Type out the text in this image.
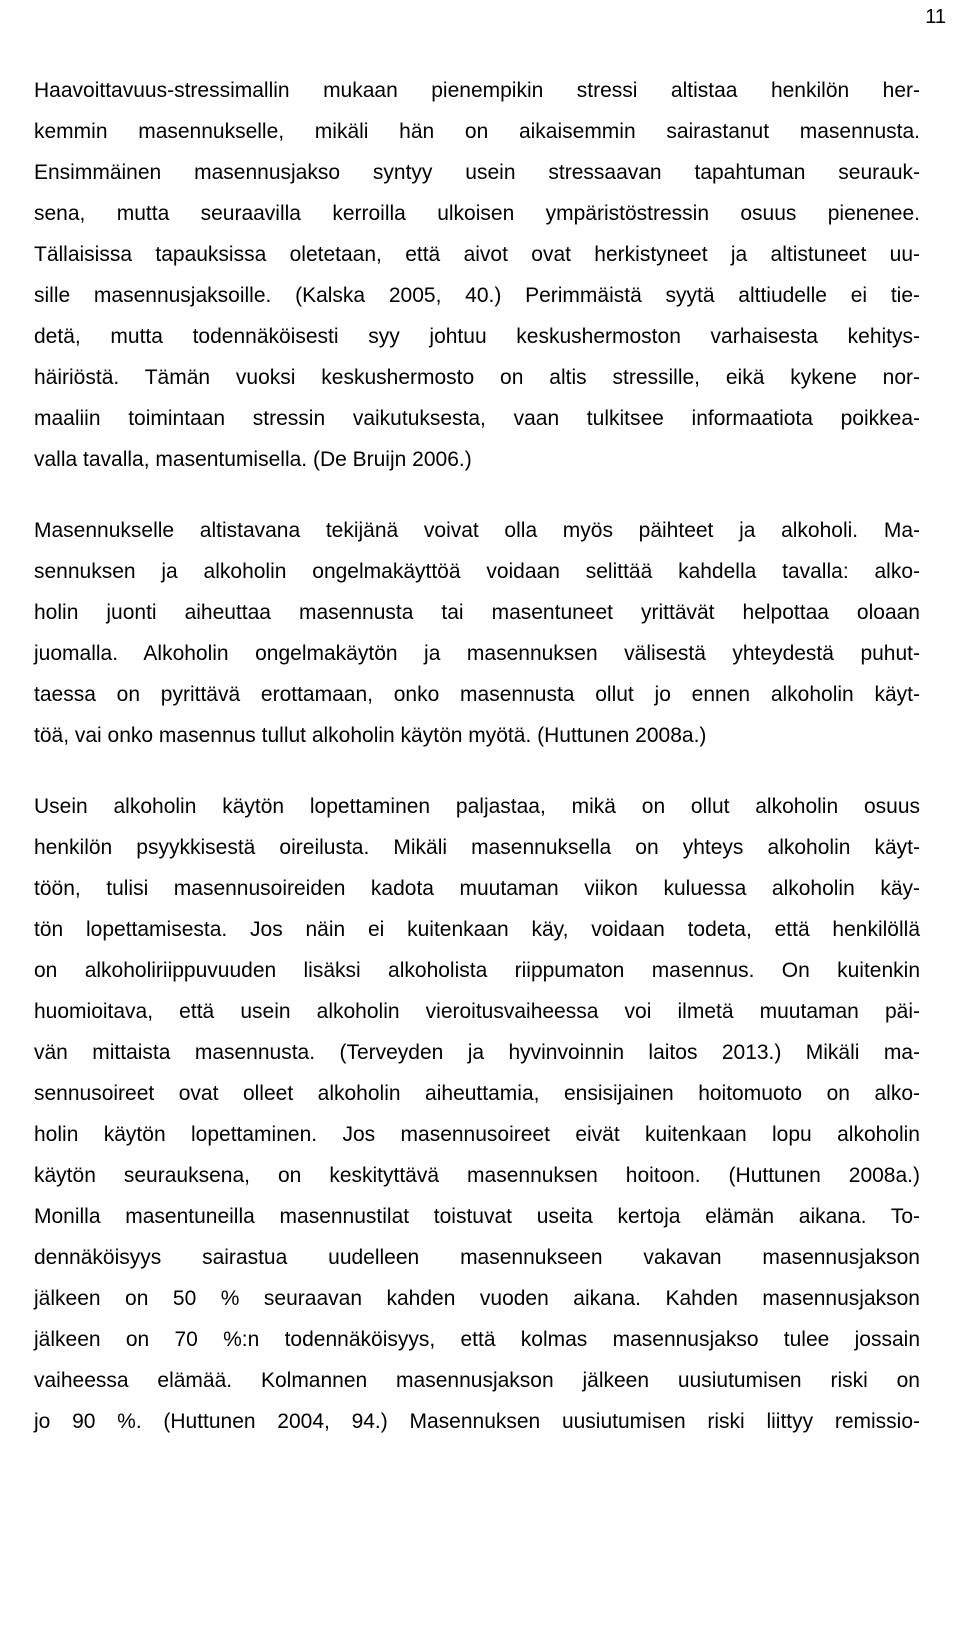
11

Haavoittavuus-stressimallin mukaan pienempikin stressi altistaa henkilön her-
kemmin masennukselle, mikäli hän on aikaisemmin sairastanut masennusta.
Ensimmäinen masennusjakso syntyy usein stressaavan tapahtuman seurauk-
sena, mutta seuraavilla kerroilla ulkoisen ympäristöstressin osuus pienenee.
Tällaisissa tapauksissa oletetaan, että aivot ovat herkistyneet ja altistuneet uu-
sille masennusjaksoille. (Kalska 2005, 40.) Perimmäistä syytä alttiudelle ei tie-
detä, mutta todennäköisesti syy johtuu keskushermoston varhaisesta kehitys-
häiriöstä. Tämän vuoksi keskushermosto on altis stressille, eikä kykene nor-
maaliin toimintaan stressin vaikutuksesta, vaan tulkitsee informaatiota poikkea-
valla tavalla, masentumisella. (De Bruijn 2006.)

Masennukselle altistavana tekijänä voivat olla myös päihteet ja alkoholi. Ma-
sennuksen ja alkoholin ongelmakäyttöä voidaan selittää kahdella tavalla: alko-
holin juonti aiheuttaa masennusta tai masentuneet yrittävät helpottaa oloaan
juomalla. Alkoholin ongelmakäytön ja masennuksen välisestä yhteydestä puhut-
taessa on pyrittävä erottamaan, onko masennusta ollut jo ennen alkoholin käyt-
töä, vai onko masennus tullut alkoholin käytön myötä. (Huttunen 2008a.)

Usein alkoholin käytön lopettaminen paljastaa, mikä on ollut alkoholin osuus
henkilön psyykkisestä oireilusta. Mikäli masennuksella on yhteys alkoholin käyt-
töön, tulisi masennusoireiden kadota muutaman viikon kuluessa alkoholin käy-
tön lopettamisesta. Jos näin ei kuitenkaan käy, voidaan todeta, että henkilöllä
on alkoholiriippuvuuden lisäksi alkoholista riippumaton masennus. On kuitenkin
huomioitava, että usein alkoholin vieroitusvaiheessa voi ilmetä muutaman päi-
vän mittaista masennusta. (Terveyden ja hyvinvoinnin laitos 2013.) Mikäli ma-
sennusoireet ovat olleet alkoholin aiheuttamia, ensisijainen hoitomuoto on alko-
holin käytön lopettaminen. Jos masennusoireet eivät kuitenkaan lopu alkoholin
käytön seurauksena, on keskityttävä masennuksen hoitoon. (Huttunen 2008a.)
Monilla masentuneilla masennustilat toistuvat useita kertoja elämän aikana. To-
dennäköisyys sairastua uudelleen masennukseen vakavan masennusjakson
jälkeen on 50 % seuraavan kahden vuoden aikana. Kahden masennusjakson
jälkeen on 70 %:n todennäköisyys, että kolmas masennusjakso tulee jossain
vaiheessa elämää. Kolmannen masennusjakson jälkeen uusiutumisen riski on
jo 90 %. (Huttunen 2004, 94.) Masennuksen uusiutumisen riski liittyy remissio-
